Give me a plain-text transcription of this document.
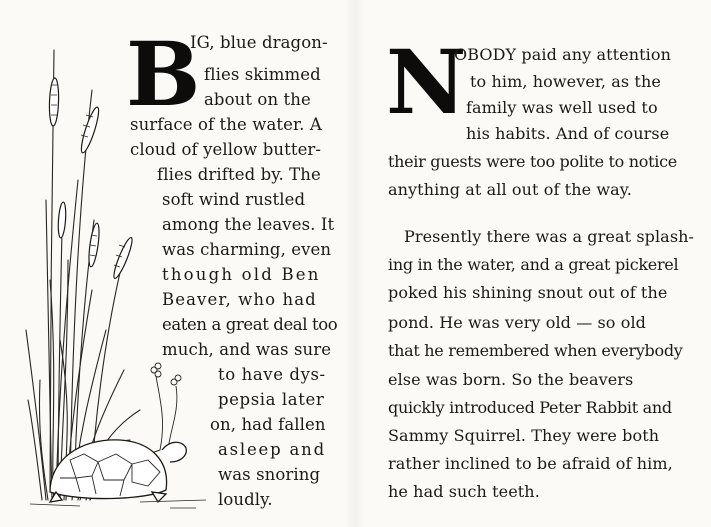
B
IG, blue dragon-
flies skimmed
about on the
surface of the water. A
cloud of yellow butter-
flies drifted by. The
soft wind rustled
among the leaves. It
was charming, even
though old Ben
Beaver, who had
eaten a great deal too
much, and was sure
to have dys-
pepsia later
on, had fallen
asleep and
was snoring
loudly.
N
OBODY paid any attention
to him, however, as the
family was well used to
his habits. And of course
their guests were too polite to notice
anything at all out of the way.
Presently there was a great splash-
ing in the water, and a great pickerel
poked his shining snout out of the
pond. He was very old — so old
that he remembered when everybody
else was born. So the beavers
quickly introduced Peter Rabbit and
Sammy Squirrel. They were both
rather inclined to be afraid of him,
he had such teeth.
